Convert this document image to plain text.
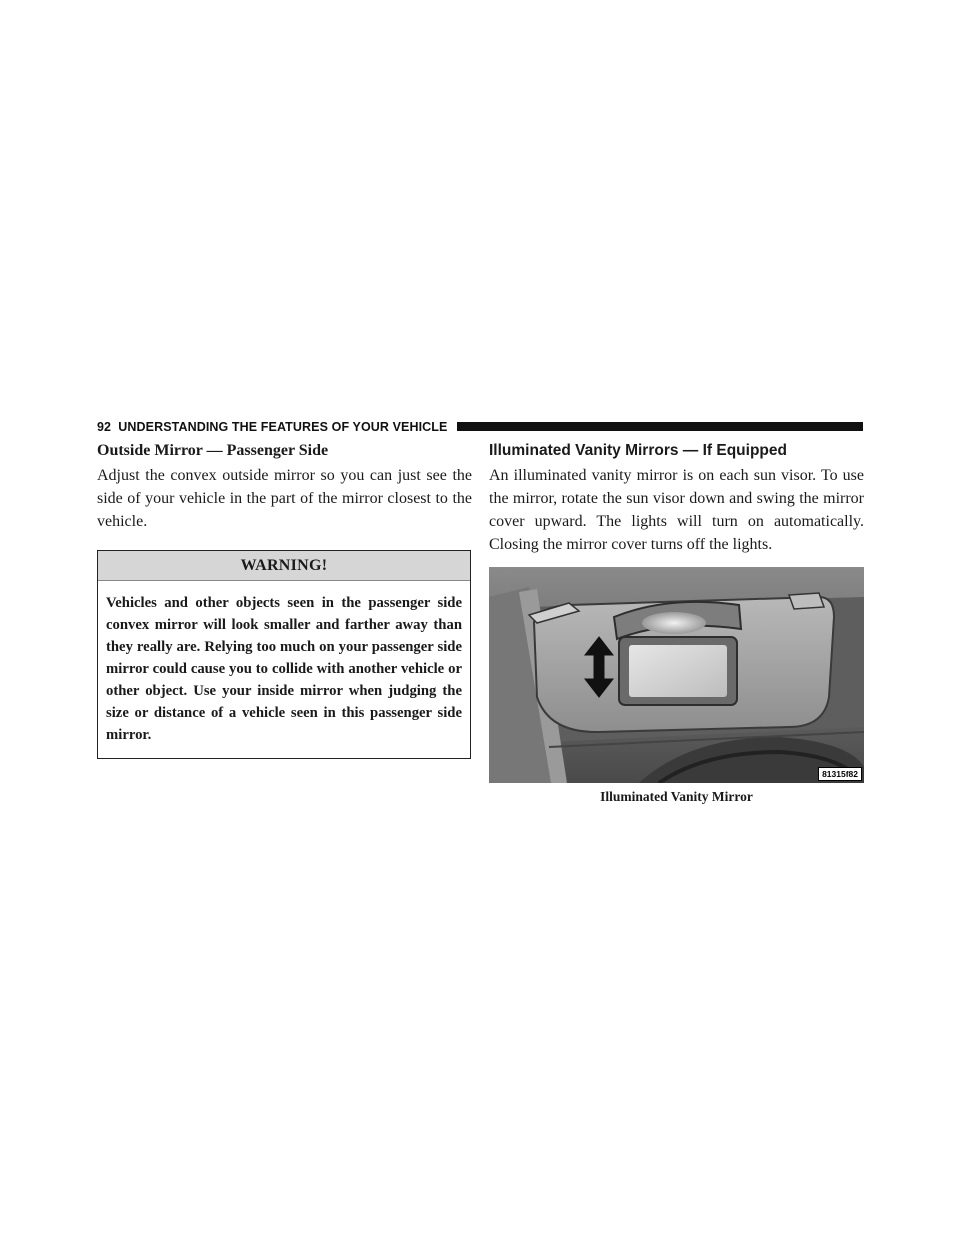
92 UNDERSTANDING THE FEATURES OF YOUR VEHICLE
Outside Mirror — Passenger Side

Adjust the convex outside mirror so you can just see the side of your vehicle in the part of the mirror closest to the vehicle.

WARNING!
Vehicles and other objects seen in the passenger side convex mirror will look smaller and farther away than they really are. Relying too much on your passenger side mirror could cause you to collide with another vehicle or other object. Use your inside mirror when judging the size or distance of a vehicle seen in this passenger side mirror.
Illuminated Vanity Mirrors — If Equipped

An illuminated vanity mirror is on each sun visor. To use the mirror, rotate the sun visor down and swing the mirror cover upward. The lights will turn on automatically. Closing the mirror cover turns off the lights.

81315f82
Illuminated Vanity Mirror
